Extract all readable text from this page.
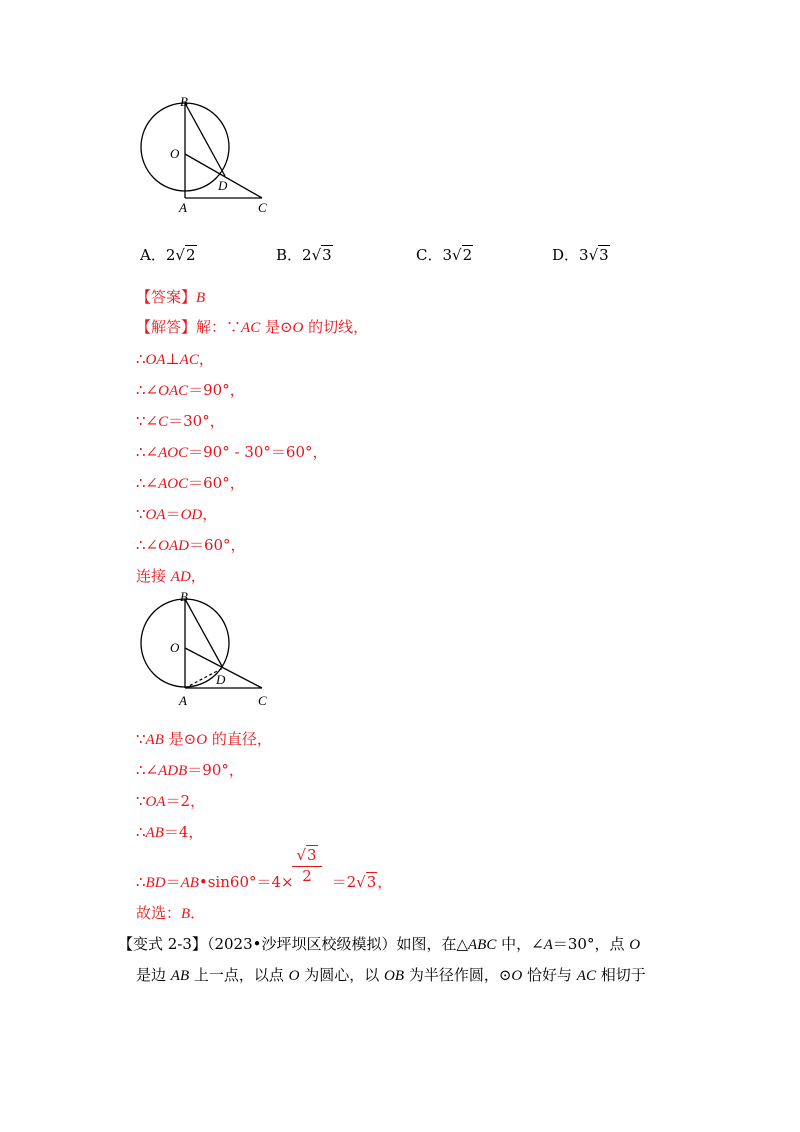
B
O
D
A	C
A．2√2	B．2√3	C．3√2	D．3√3
【答案】B
【解答】解：∵AC 是⊙O 的切线，
∴OA⊥AC，
∴∠OAC＝90°，
∵∠C＝30°，
∴∠AOC＝90° - 30°＝60°，
∴∠AOC＝60°，
∵OA＝OD，
∴∠OAD＝60°，
连接 AD，
B
O
D
A	C
∵AB 是⊙O 的直径，
∴∠ADB＝90°，
∵OA＝2，
∴AB＝4，
√3
2
∴BD＝AB•sin60°＝4×	＝2√3，
故选：B．
【变式 2-3】（2023•沙坪坝区校级模拟）如图，在△ABC 中，∠A＝30°，点 O
是边 AB 上一点，以点 O 为圆心，以 OB 为半径作圆，⊙O 恰好与 AC 相切于
